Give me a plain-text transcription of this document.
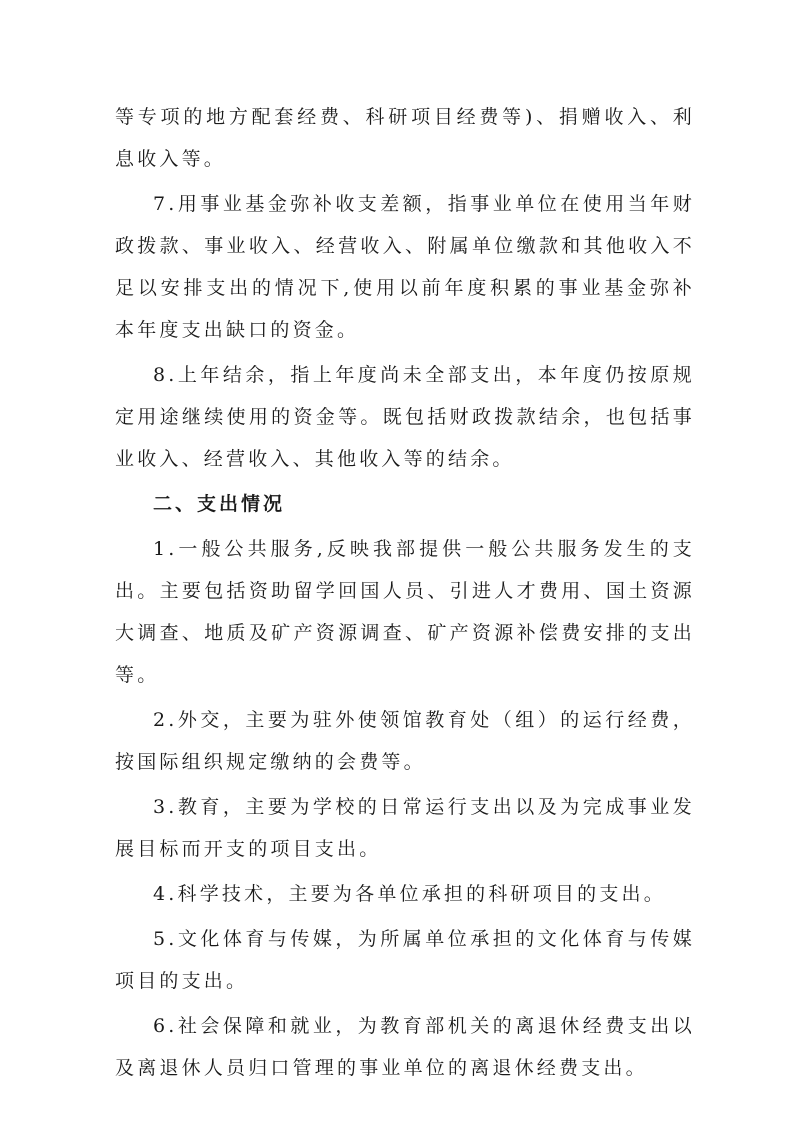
等专项的地方配套经费、科研项目经费等)、捐赠收入、利息收入等。

7.用事业基金弥补收支差额，指事业单位在使用当年财政拨款、事业收入、经营收入、附属单位缴款和其他收入不足以安排支出的情况下,使用以前年度积累的事业基金弥补本年度支出缺口的资金。

8.上年结余，指上年度尚未全部支出，本年度仍按原规定用途继续使用的资金等。既包括财政拨款结余，也包括事业收入、经营收入、其他收入等的结余。

二、支出情况

1.一般公共服务,反映我部提供一般公共服务发生的支出。主要包括资助留学回国人员、引进人才费用、国土资源大调查、地质及矿产资源调查、矿产资源补偿费安排的支出等。

2.外交，主要为驻外使领馆教育处（组）的运行经费，按国际组织规定缴纳的会费等。

3.教育，主要为学校的日常运行支出以及为完成事业发展目标而开支的项目支出。

4.科学技术，主要为各单位承担的科研项目的支出。

5.文化体育与传媒，为所属单位承担的文化体育与传媒项目的支出。

6.社会保障和就业，为教育部机关的离退休经费支出以及离退休人员归口管理的事业单位的离退休经费支出。
